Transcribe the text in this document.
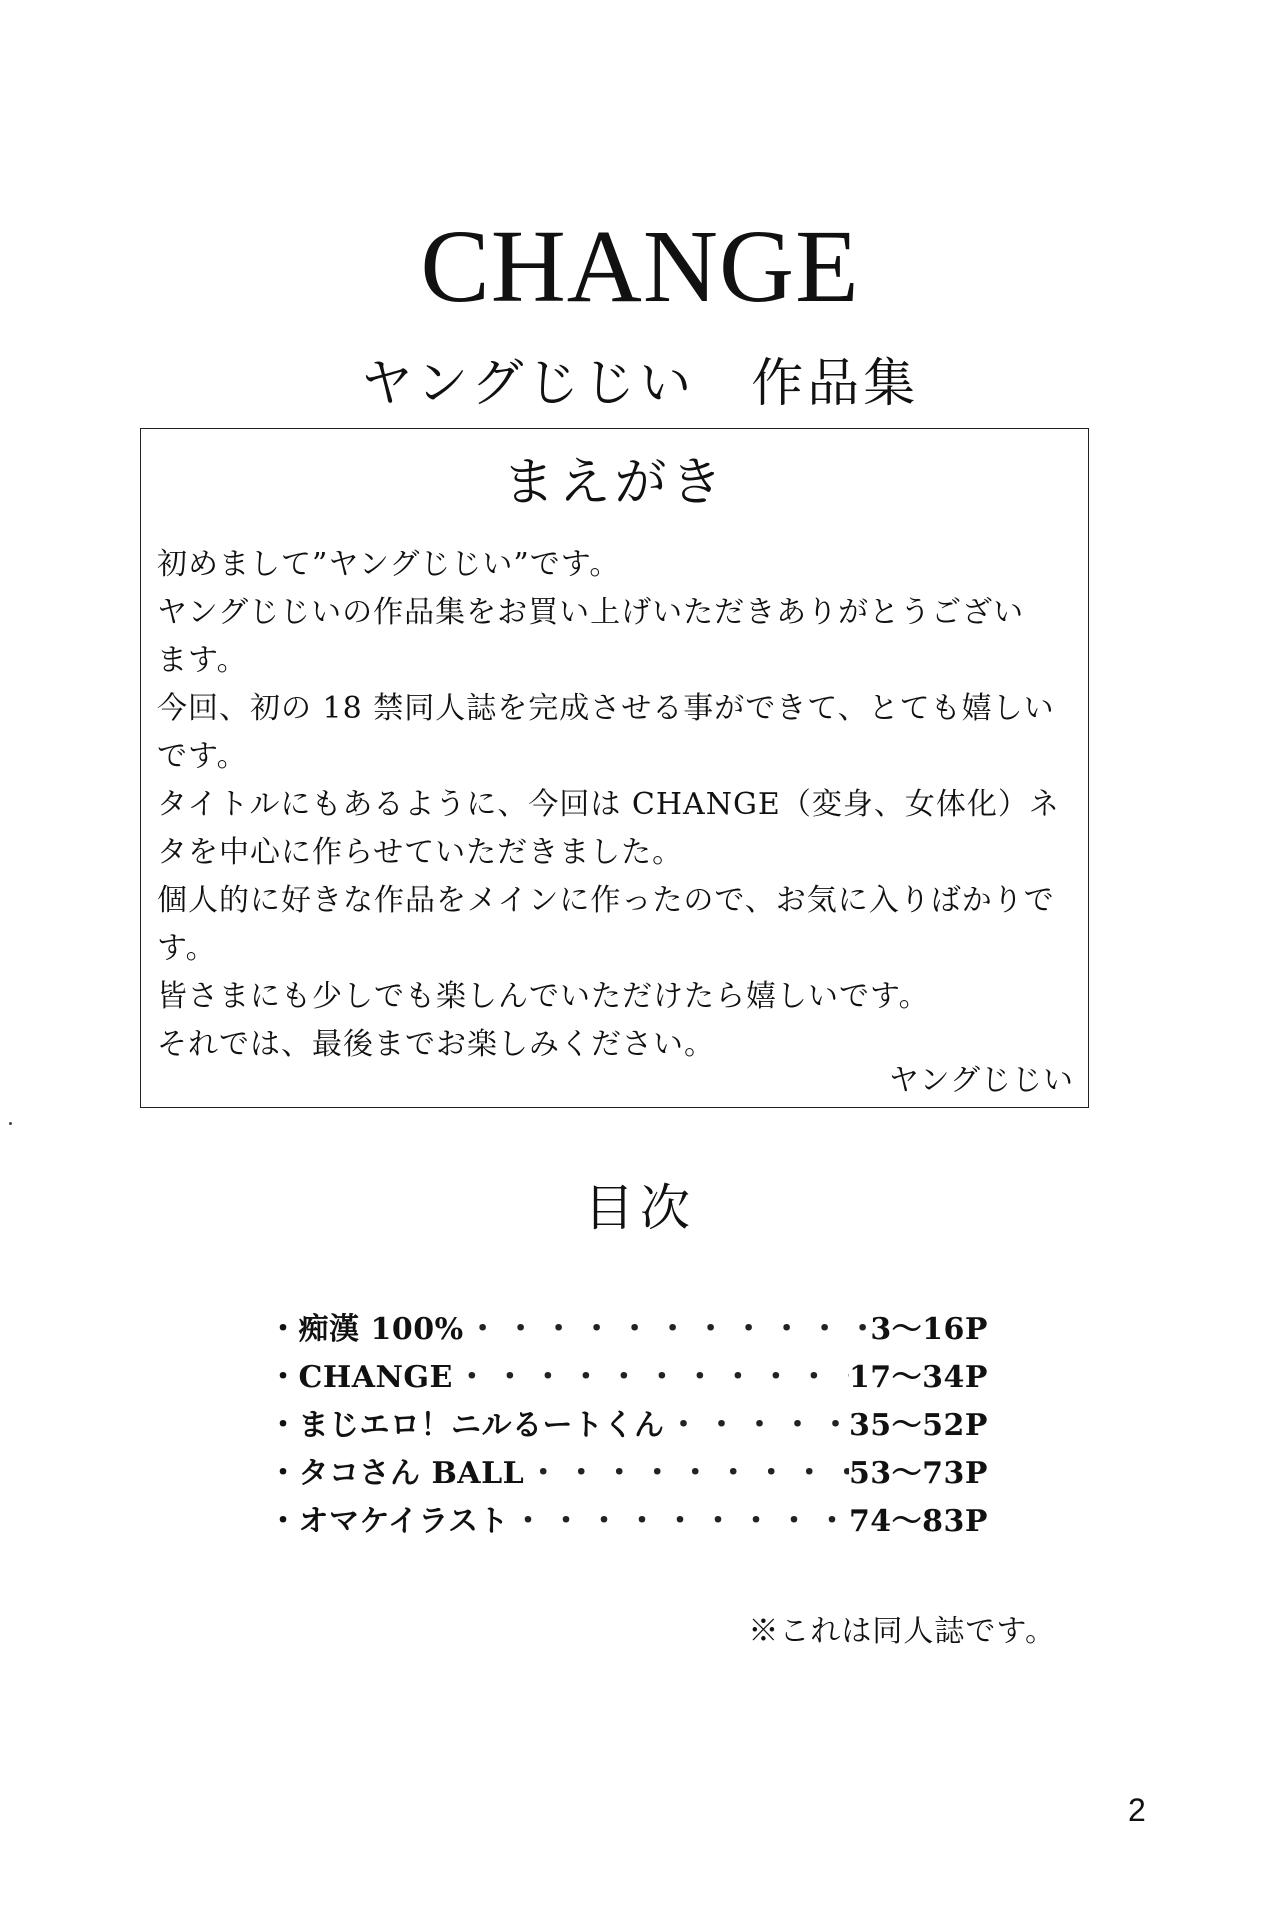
CHANGE
ヤングじじい　作品集
まえがき
初めまして”ヤングじじい”です。
ヤングじじいの作品集をお買い上げいただきありがとうござい
ます。
今回、初の 18 禁同人誌を完成させる事ができて、とても嬉しい
です。
タイトルにもあるように、今回は CHANGE（変身、女体化）ネ
タを中心に作らせていただきました。
個人的に好きな作品をメインに作ったので、お気に入りばかりで
す。
皆さまにも少しでも楽しんでいただけたら嬉しいです。
それでは、最後までお楽しみください。
ヤングじじい
目次
・痴漢 100% ・・・・・・・・・・・・・・・・・・・・・・・・・・・・・・・・・・・・	3〜16P
・CHANGE ・・・・・・・・・・・・・・・・・・・・・・・・・・・・・・・・・・・・	17〜34P
・まじエロ！ニルるートくん ・・・・・・・・・・・・・・・・・・・・・・・・・・・・・・・・・・・・	35〜52P
・タコさん BALL ・・・・・・・・・・・・・・・・・・・・・・・・・・・・・・・・・・・・	53〜73P
・オマケイラスト ・・・・・・・・・・・・・・・・・・・・・・・・・・・・・・・・・・・・	74〜83P
※これは同人誌です。
2
